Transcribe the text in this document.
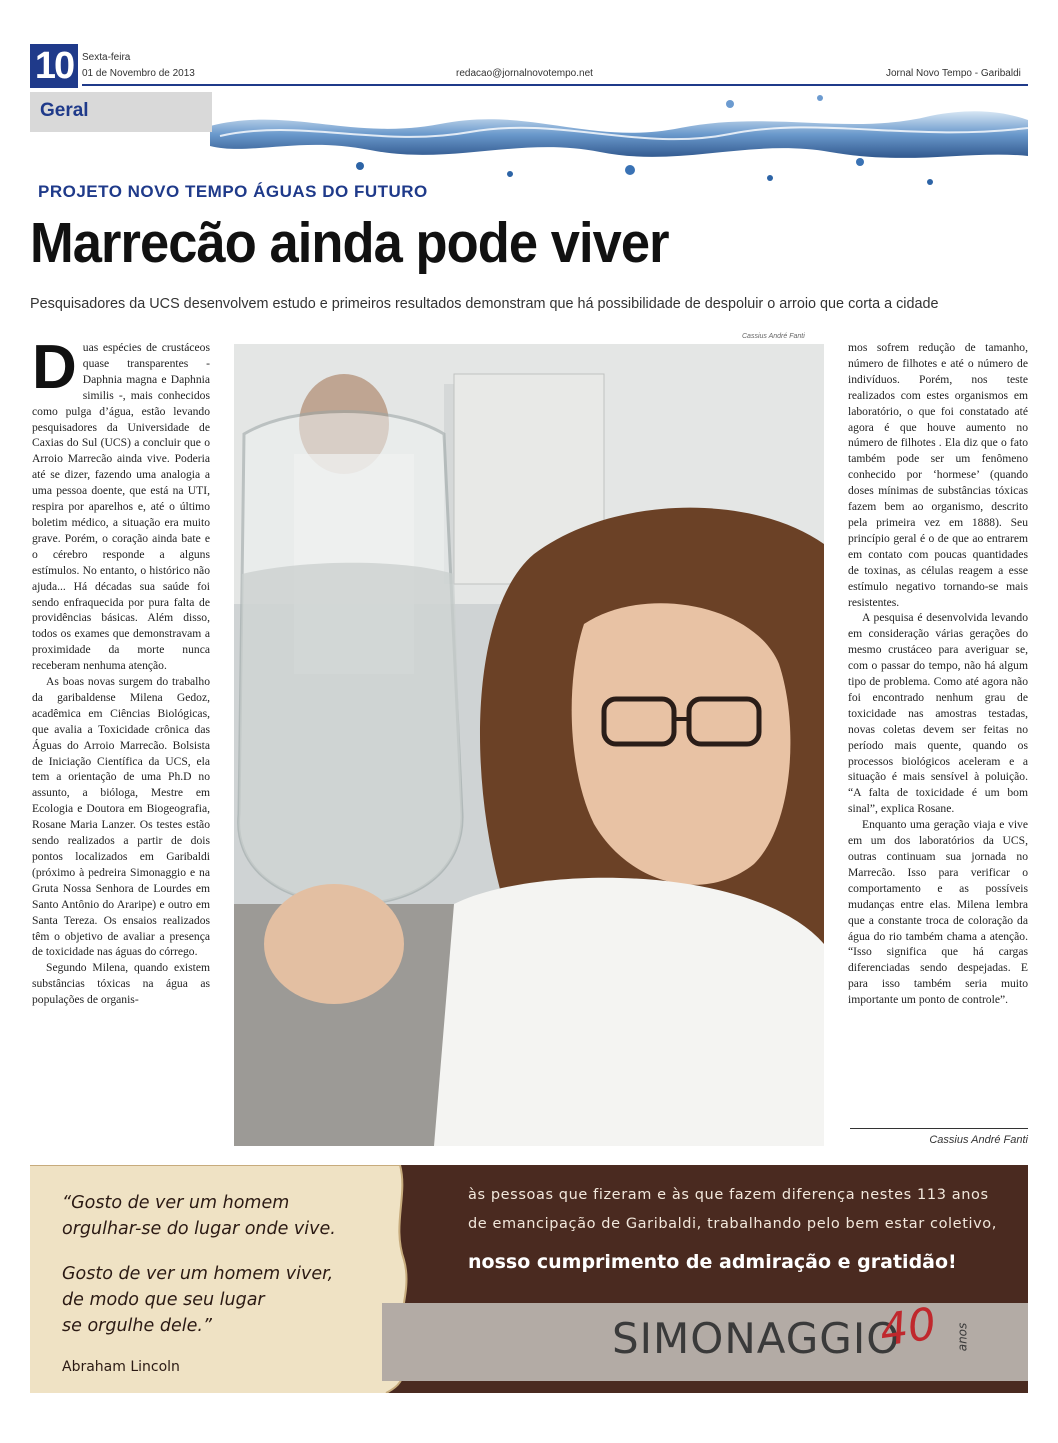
10 Sexta-feira
01 de Novembro de 2013	redacao@jornalnovotempo.net	Jornal Novo Tempo - Garibaldi
Geral
PROJETO NOVO TEMPO ÁGUAS DO FUTURO
Marrecão ainda pode viver
Pesquisadores da UCS desenvolvem estudo e primeiros resultados demonstram que há possibilidade de despoluir o arroio que corta a cidade
D uas espécies de crustáceos quase transparentes - Daphnia magna e Daphnia similis -, mais conhecidos como pulga d’água, estão levando pesquisadores da Universidade de Caxias do Sul (UCS) a concluir que o Arroio Marrecão ainda vive. Poderia até se dizer, fazendo uma analogia a uma pessoa doente, que está na UTI, respira por aparelhos e, até o último boletim médico, a situação era muito grave. Porém, o coração ainda bate e o cérebro responde a alguns estímulos. No entanto, o histórico não ajuda... Há décadas sua saúde foi sendo enfraquecida por pura falta de providências básicas. Além disso, todos os exames que demonstravam a proximidade da morte nunca receberam nenhuma atenção.

As boas novas surgem do trabalho da garibaldense Milena Gedoz, acadêmica em Ciências Biológicas, que avalia a Toxicidade crônica das Águas do Arroio Marrecão. Bolsista de Iniciação Científica da UCS, ela tem a orientação de uma Ph.D no assunto, a bióloga, Mestre em Ecologia e Doutora em Biogeografia, Rosane Maria Lanzer. Os testes estão sendo realizados a partir de dois pontos localizados em Garibaldi (próximo à pedreira Simonaggio e na Gruta Nossa Senhora de Lourdes em Santo Antônio do Araripe) e outro em Santa Tereza. Os ensaios realizados têm o objetivo de avaliar a presença de toxicidade nas águas do córrego.

Segundo Milena, quando existem substâncias tóxicas na água as populações de organis-

Cassius André Fanti

mos sofrem redução de tamanho, número de filhotes e até o número de indivíduos. Porém, nos teste realizados com estes organismos em laboratório, o que foi constatado até agora é que houve aumento no número de filhotes . Ela diz que o fato também pode ser um fenômeno conhecido por ‘hormese’ (quando doses mínimas de substâncias tóxicas fazem bem ao organismo, descrito pela primeira vez em 1888). Seu princípio geral é o de que ao entrarem em contato com poucas quantidades de toxinas, as células reagem a esse estímulo negativo tornando-se mais resistentes.

A pesquisa é desenvolvida levando em consideração várias gerações do mesmo crustáceo para averiguar se, com o passar do tempo, não há algum tipo de problema. Como até agora não foi encontrado nenhum grau de toxicidade nas amostras testadas, novas coletas devem ser feitas no período mais quente, quando os processos biológicos aceleram e a situação é mais sensível à poluição. “A falta de toxicidade é um bom sinal”, explica Rosane.

Enquanto uma geração viaja e vive em um dos laboratórios da UCS, outras continuam sua jornada no Marrecão. Isso para verificar o comportamento e as possíveis mudanças entre elas. Milena lembra que a constante troca de coloração da água do rio também chama a atenção. “Isso significa que há cargas diferenciadas sendo despejadas. E para isso também seria muito importante um ponto de controle”.

Cassius André Fanti
“Gosto de ver um homem
orgulhar-se do lugar onde vive.
Gosto de ver um homem viver,
de modo que seu lugar
se orgulhe dele.”
Abraham Lincoln
às pessoas que fizeram e às que fazem diferença nestes 113 anos
de emancipação de Garibaldi, trabalhando pelo bem estar coletivo,
nosso cumprimento de admiração e gratidão!
SIMONAGGIO
40 anos
